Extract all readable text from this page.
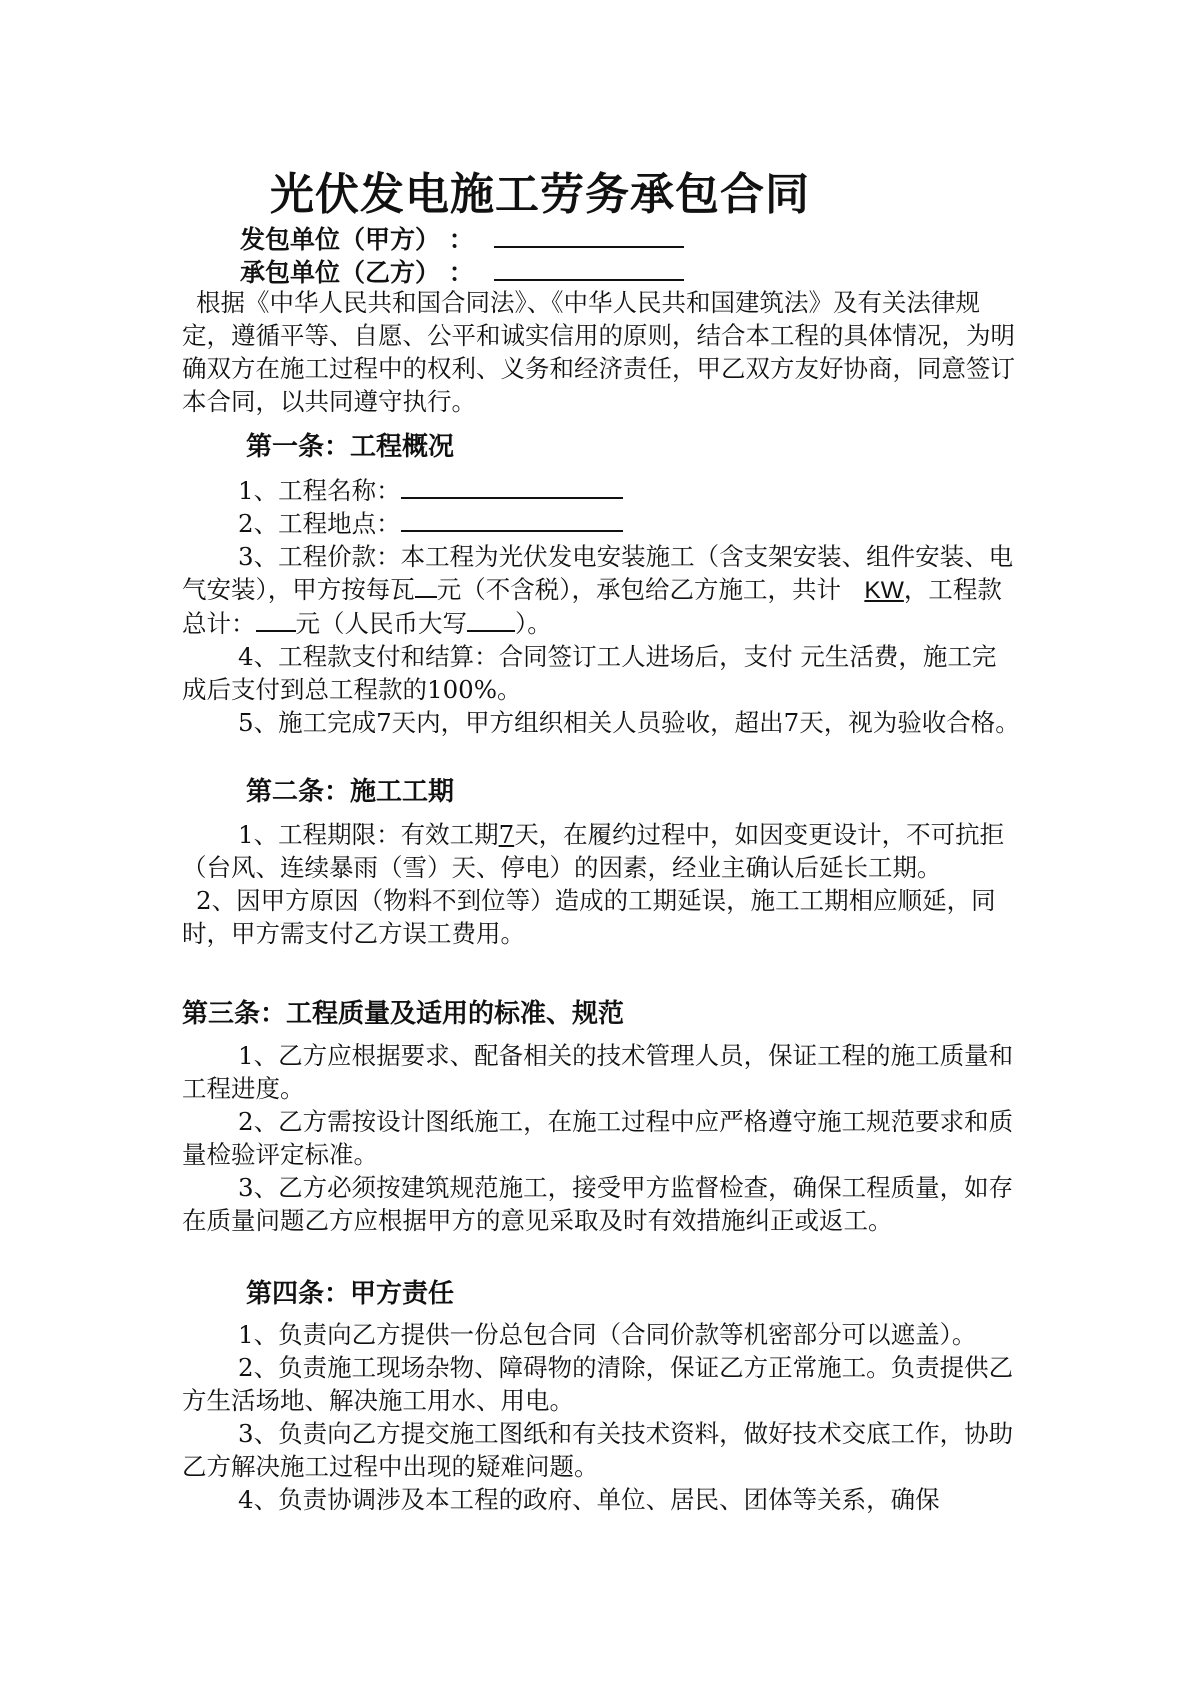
光伏发电施工劳务承包合同
发包单位（甲方） ：
承包单位（乙方） ：

根据《中华人民共和国合同法》、《中华人民共和国建筑法》及有关法律规定，遵循平等、自愿、公平和诚实信用的原则，结合本工程的具体情况，为明确双方在施工过程中的权利、义务和经济责任，甲乙双方友好协商，同意签订本合同，以共同遵守执行。

第一条：工程概况

1、工程名称：

2、工程地点：

3、工程价款：本工程为光伏发电安装施工（含支架安装、组件安装、电气安装），甲方按每瓦 元（不含税），承包给乙方施工，共计 KW，工程款总计： 元（人民币大写 ）。

4、工程款支付和结算：合同签订工人进场后，支付 元生活费，施工完成后支付到总工程款的100%。

5、施工完成7天内，甲方组织相关人员验收，超出7天，视为验收合格。

第二条：施工工期

1、工程期限：有效工期7天，在履约过程中，如因变更设计，不可抗拒（台风、连续暴雨（雪）天、停电）的因素，经业主确认后延长工期。

2、因甲方原因（物料不到位等）造成的工期延误，施工工期相应顺延，同时，甲方需支付乙方误工费用。

第三条：工程质量及适用的标准、规范

1、乙方应根据要求、配备相关的技术管理人员，保证工程的施工质量和工程进度。

2、乙方需按设计图纸施工，在施工过程中应严格遵守施工规范要求和质量检验评定标准。

3、乙方必须按建筑规范施工，接受甲方监督检查，确保工程质量，如存在质量问题乙方应根据甲方的意见采取及时有效措施纠正或返工。

第四条：甲方责任

1、负责向乙方提供一份总包合同（合同价款等机密部分可以遮盖）。

2、负责施工现场杂物、障碍物的清除，保证乙方正常施工。负责提供乙方生活场地、解决施工用水、用电。

3、负责向乙方提交施工图纸和有关技术资料，做好技术交底工作，协助乙方解决施工过程中出现的疑难问题。

4、负责协调涉及本工程的政府、单位、居民、团体等关系，确保
